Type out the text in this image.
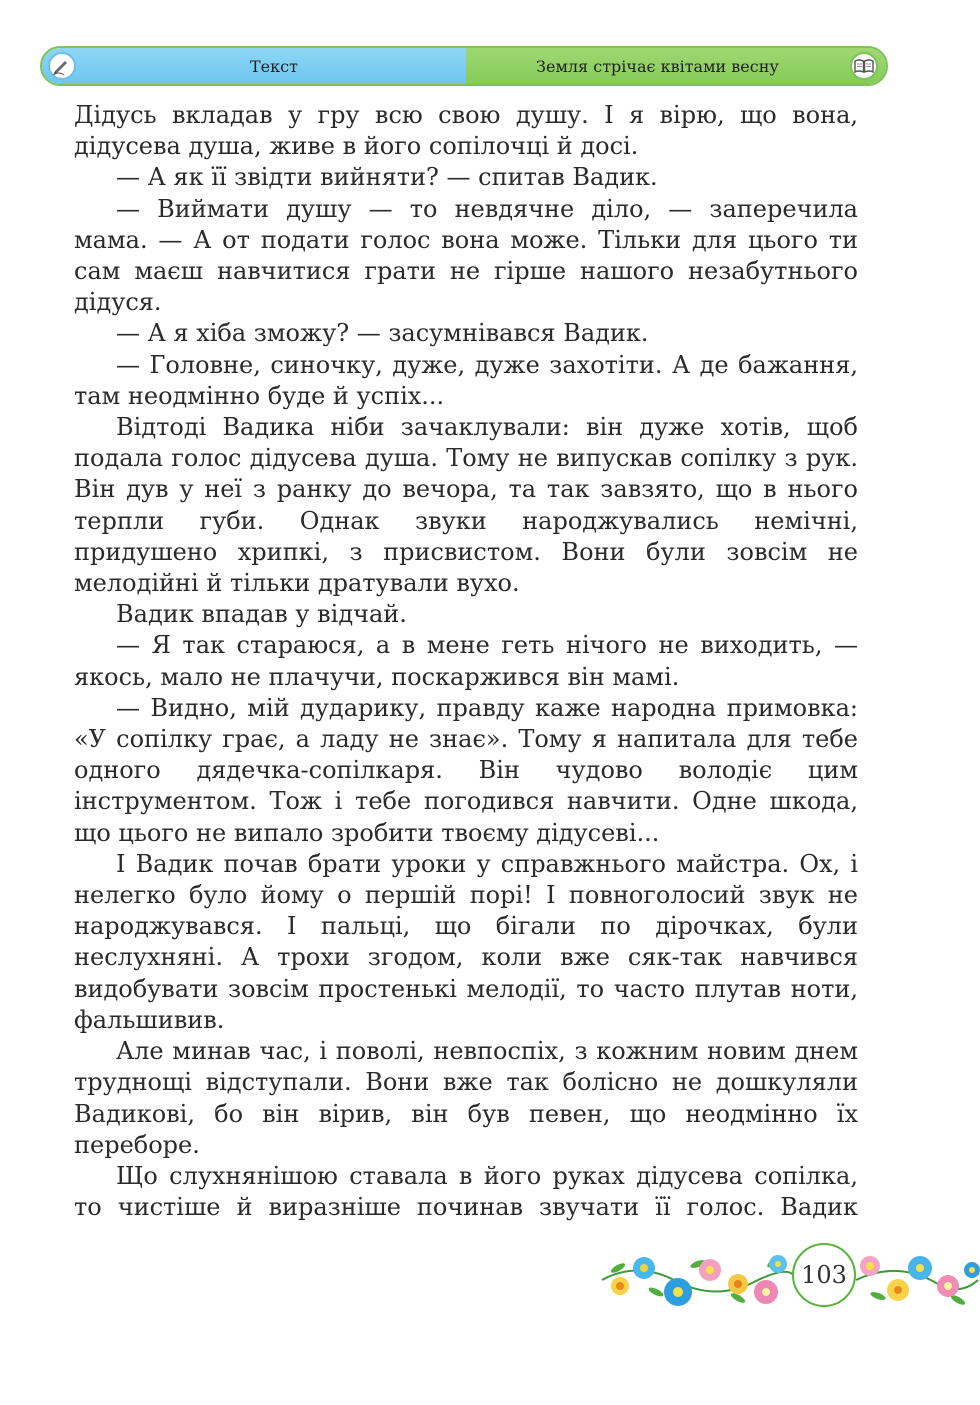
Текст	Земля стрічає квітами весну

Дідусь вкладав у гру всю свою душу. І я вірю, що вона, дідусева душа, живе в його сопілочці й досі.

— А як її звідти вийняти? — спитав Вадик.

— Виймати душу — то невдячне діло, — заперечила мама. — А от подати голос вона може. Тільки для цього ти сам маєш навчитися грати не гірше нашого незабутнього дідуся.

— А я хіба зможу? — засумнівався Вадик.

— Головне, синочку, дуже, дуже захотіти. А де бажання, там неодмінно буде й успіх...

Відтоді Вадика ніби зачаклували: він дуже хотів, щоб подала голос дідусева душа. Тому не випускав сопілку з рук. Він дув у неї з ранку до вечора, та так завзято, що в нього терпли губи. Однак звуки народжувались немічні, придушено хрипкі, з присвистом. Вони були зовсім не мелодійні й тільки дратували вухо.

Вадик впадав у відчай.

— Я так стараюся, а в мене геть нічого не виходить, — якось, мало не плачучи, поскаржився він мамі.

— Видно, мій дударику, правду каже народна примовка: «У сопілку грає, а ладу не знає». Тому я напитала для тебе одного дядечка-сопілкаря. Він чудово володіє цим інструментом. Тож і тебе погодився навчити. Одне шкода, що цього не випало зробити твоєму дідусеві...

І Вадик почав брати уроки у справжнього майстра. Ох, і нелегко було йому о першій порі! І повноголосий звук не народжувався. І пальці, що бігали по дірочках, були неслухняні. А трохи згодом, коли вже сяк-так навчився видобувати зовсім простенькі мелодії, то часто плутав ноти, фальшивив.

Але минав час, і поволі, невпоспіх, з кожним новим днем труднощі відступали. Вони вже так болісно не дошкуляли Вадикові, бо він вірив, він був певен, що неодмінно їх переборе.

Що слухнянішою ставала в його руках дідусева сопілка, то чистіше й виразніше починав звучати її голос. Вадик

103
